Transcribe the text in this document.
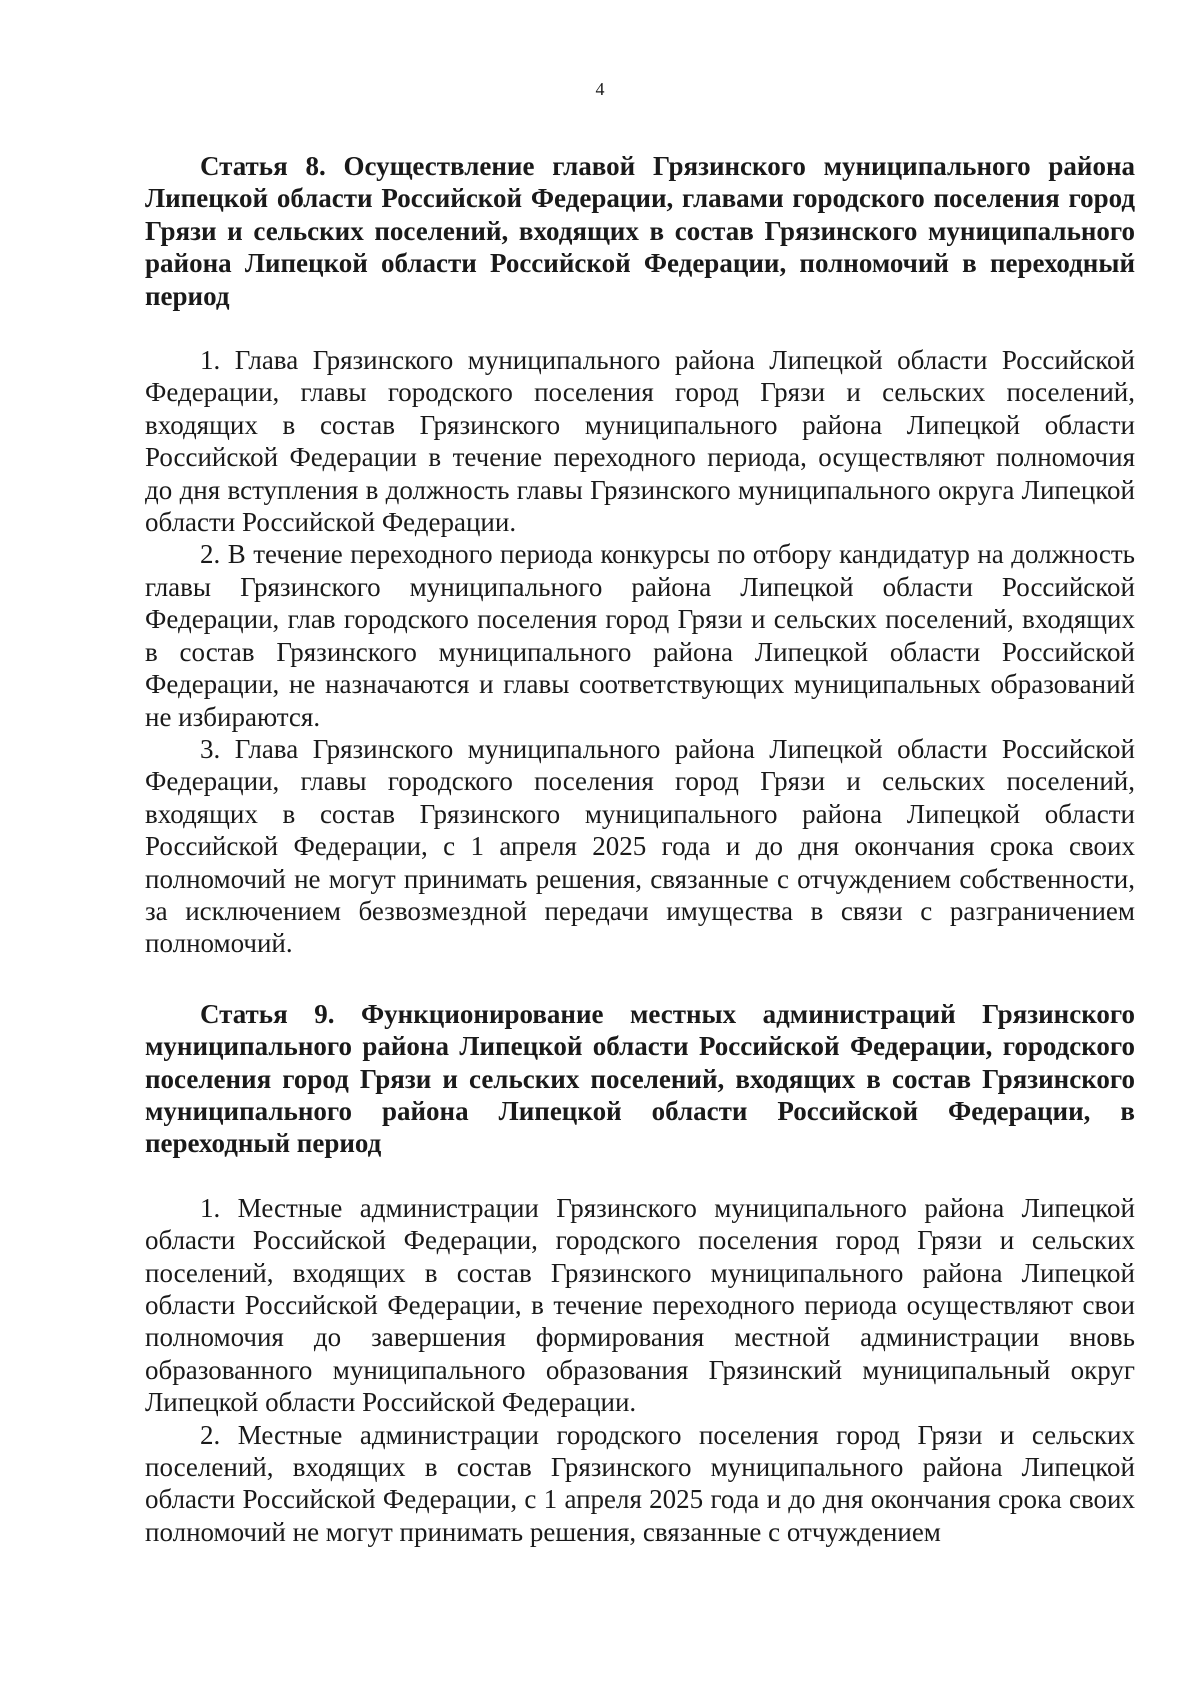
4

Статья 8. Осуществление главой Грязинского муниципального района Липецкой области Российской Федерации, главами городского поселения город Грязи и сельских поселений, входящих в состав Грязинского муниципального района Липецкой области Российской Федерации, полномочий в переходный период

1. Глава Грязинского муниципального района Липецкой области Российской Федерации, главы городского поселения город Грязи и сельских поселений, входящих в состав Грязинского муниципального района Липецкой области Российской Федерации в течение переходного периода, осуществляют полномочия до дня вступления в должность главы Грязинского муниципального округа Липецкой области Российской Федерации.

2. В течение переходного периода конкурсы по отбору кандидатур на должность главы Грязинского муниципального района Липецкой области Российской Федерации, глав городского поселения город Грязи и сельских поселений, входящих в состав Грязинского муниципального района Липецкой области Российской Федерации, не назначаются и главы соответствующих муниципальных образований не избираются.

3. Глава Грязинского муниципального района Липецкой области Российской Федерации, главы городского поселения город Грязи и сельских поселений, входящих в состав Грязинского муниципального района Липецкой области Российской Федерации, с 1 апреля 2025 года и до дня окончания срока своих полномочий не могут принимать решения, связанные с отчуждением собственности, за исключением безвозмездной передачи имущества в связи с разграничением полномочий.

Статья 9. Функционирование местных администраций Грязинского муниципального района Липецкой области Российской Федерации, городского поселения город Грязи и сельских поселений, входящих в состав Грязинского муниципального района Липецкой области Российской Федерации, в переходный период

1. Местные администрации Грязинского муниципального района Липецкой области Российской Федерации, городского поселения город Грязи и сельских поселений, входящих в состав Грязинского муниципального района Липецкой области Российской Федерации, в течение переходного периода осуществляют свои полномочия до завершения формирования местной администрации вновь образованного муниципального образования Грязинский муниципальный округ Липецкой области Российской Федерации.

2. Местные администрации городского поселения город Грязи и сельских поселений, входящих в состав Грязинского муниципального района Липецкой области Российской Федерации, с 1 апреля 2025 года и до дня окончания срока своих полномочий не могут принимать решения, связанные с отчуждением
